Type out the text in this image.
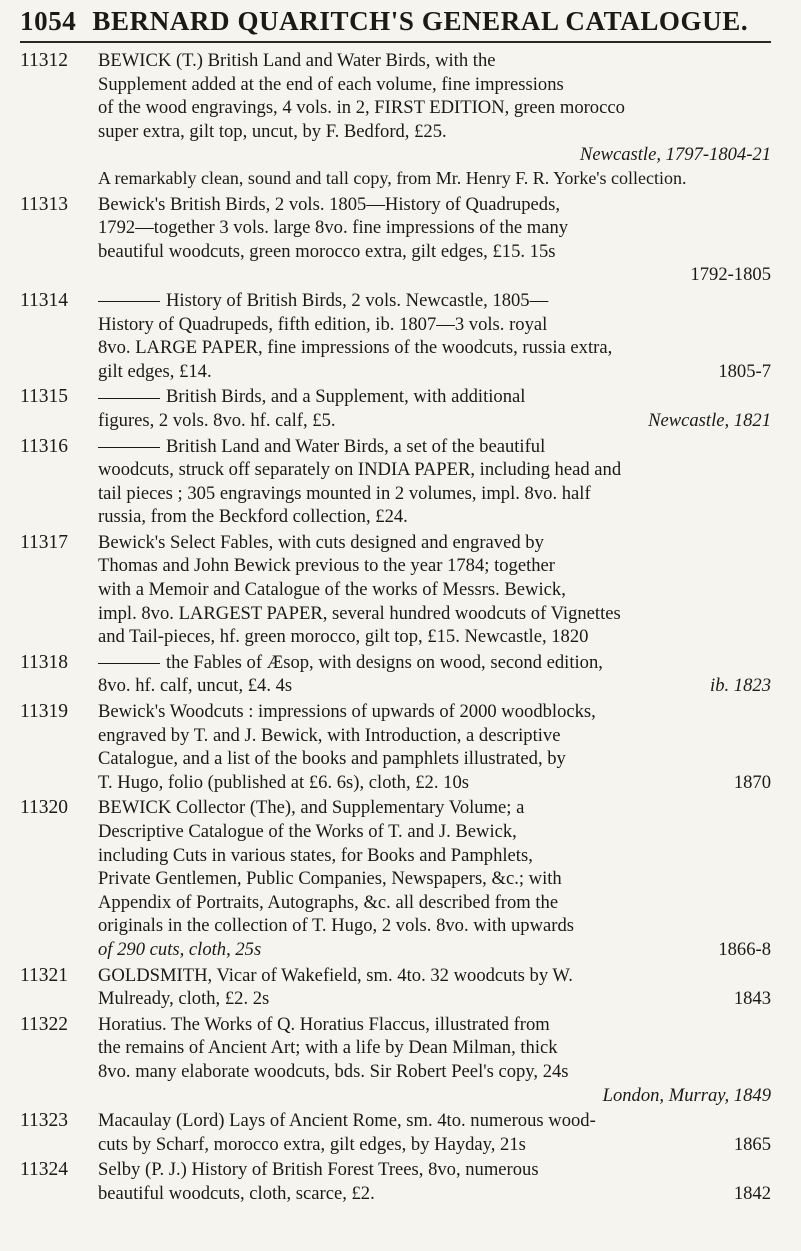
1054 BERNARD QUARITCH'S GENERAL CATALOGUE.
11312 BEWICK (T.) British Land and Water Birds, with the

Supplement added at the end of each volume, fine impressions

of the wood engravings, 4 vols. in 2, FIRST EDITION, green morocco

super extra, gilt top, uncut, by F. Bedford, £25.

Newcastle, 1797-1804-21

A remarkably clean, sound and tall copy, from Mr. Henry F. R. Yorke's collection.

11313 Bewick's British Birds, 2 vols. 1805—History of Quadrupeds,

1792—together 3 vols. large 8vo. fine impressions of the many

beautiful woodcuts, green morocco extra, gilt edges, £15. 15s

1792-1805

11314	History of British Birds, 2 vols. Newcastle, 1805—

History of Quadrupeds, fifth edition, ib. 1807—3 vols. royal

8vo. LARGE PAPER, fine impressions of the woodcuts, russia extra,

gilt edges, £14.	1805-7

11315	British Birds, and a Supplement, with additional

figures, 2 vols. 8vo. hf. calf, £5.	Newcastle, 1821

11316	British Land and Water Birds, a set of the beautiful

woodcuts, struck off separately on INDIA PAPER, including head and

tail pieces ; 305 engravings mounted in 2 volumes, impl. 8vo. half

russia, from the Beckford collection, £24.

11317 Bewick's Select Fables, with cuts designed and engraved by

Thomas and John Bewick previous to the year 1784; together

with a Memoir and Catalogue of the works of Messrs. Bewick,

impl. 8vo. LARGEST PAPER, several hundred woodcuts of Vignettes

and Tail-pieces, hf. green morocco, gilt top, £15. Newcastle, 1820

11318	the Fables of Æsop, with designs on wood, second edition,

8vo. hf. calf, uncut, £4. 4s	ib. 1823

11319 Bewick's Woodcuts : impressions of upwards of 2000 woodblocks,

engraved by T. and J. Bewick, with Introduction, a descriptive

Catalogue, and a list of the books and pamphlets illustrated, by

T. Hugo, folio (published at £6. 6s), cloth, £2. 10s	1870

11320 BEWICK Collector (The), and Supplementary Volume; a

Descriptive Catalogue of the Works of T. and J. Bewick,

including Cuts in various states, for Books and Pamphlets,

Private Gentlemen, Public Companies, Newspapers, &c.; with

Appendix of Portraits, Autographs, &c. all described from the

originals in the collection of T. Hugo, 2 vols. 8vo. with upwards

of 290 cuts, cloth, 25s	1866-8

11321 GOLDSMITH, Vicar of Wakefield, sm. 4to. 32 woodcuts by W.

Mulready, cloth, £2. 2s	1843

11322 Horatius. The Works of Q. Horatius Flaccus, illustrated from

the remains of Ancient Art; with a life by Dean Milman, thick

8vo. many elaborate woodcuts, bds. Sir Robert Peel's copy, 24s

London, Murray, 1849

11323 Macaulay (Lord) Lays of Ancient Rome, sm. 4to. numerous wood-

cuts by Scharf, morocco extra, gilt edges, by Hayday, 21s	1865

11324 Selby (P. J.) History of British Forest Trees, 8vo, numerous

beautiful woodcuts, cloth, scarce, £2.	1842
